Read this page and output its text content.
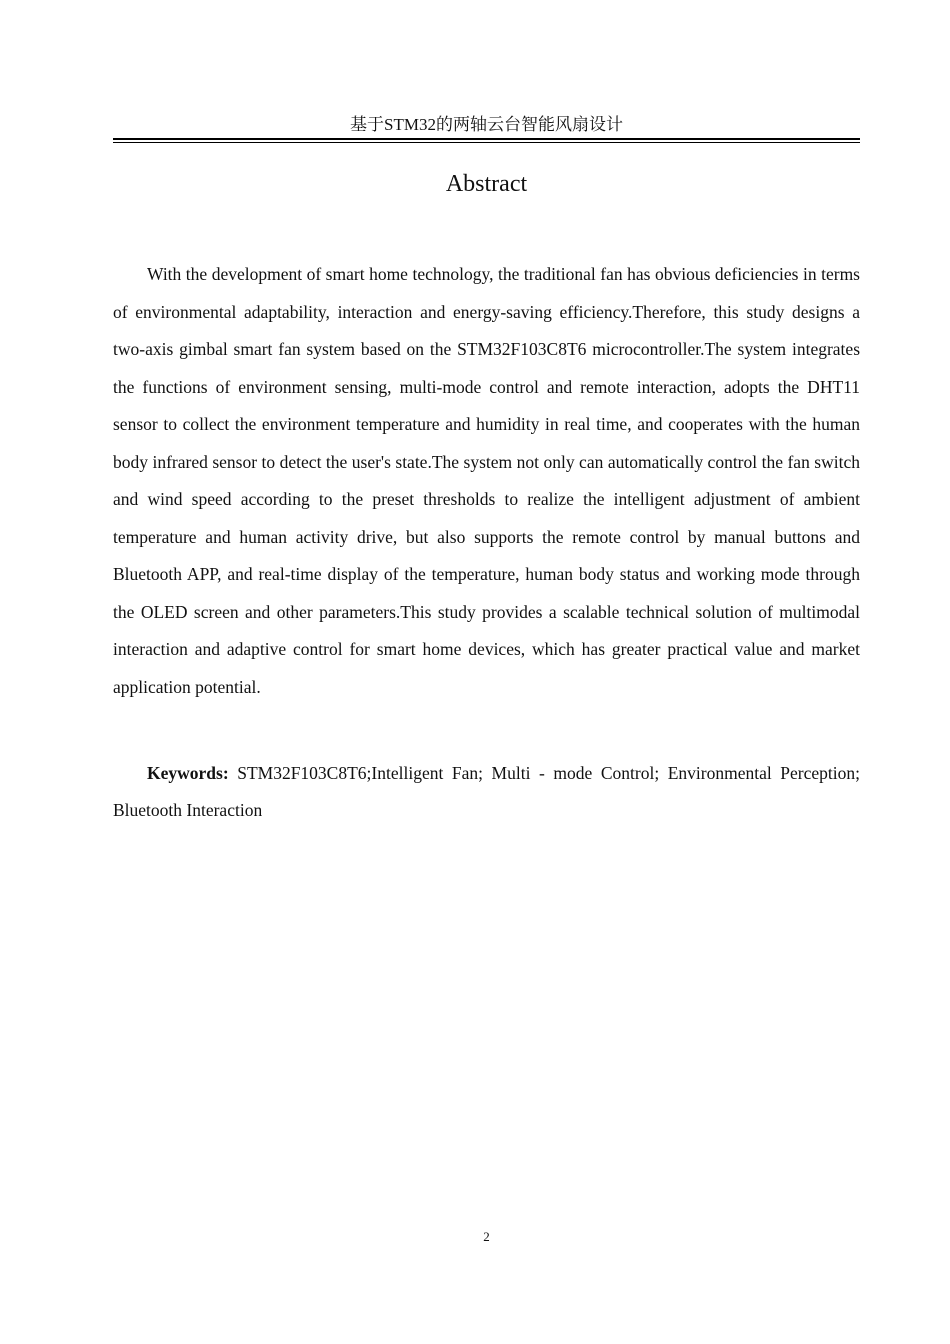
基于STM32的两轴云台智能风扇设计
Abstract

With the development of smart home technology, the traditional fan has obvious deficiencies in terms of environmental adaptability, interaction and energy-saving efficiency.Therefore, this study designs a two-axis gimbal smart fan system based on the STM32F103C8T6 microcontroller.The system integrates the functions of environment sensing, multi-mode control and remote interaction, adopts the DHT11 sensor to collect the environment temperature and humidity in real time, and cooperates with the human body infrared sensor to detect the user's state.The system not only can automatically control the fan switch and wind speed according to the preset thresholds to realize the intelligent adjustment of ambient temperature and human activity drive, but also supports the remote control by manual buttons and Bluetooth APP, and real-time display of the temperature, human body status and working mode through the OLED screen and other parameters.This study provides a scalable technical solution of multimodal interaction and adaptive control for smart home devices, which has greater practical value and market application potential.

Keywords: STM32F103C8T6;Intelligent Fan; Multi - mode Control; Environmental Perception; Bluetooth Interaction

2
